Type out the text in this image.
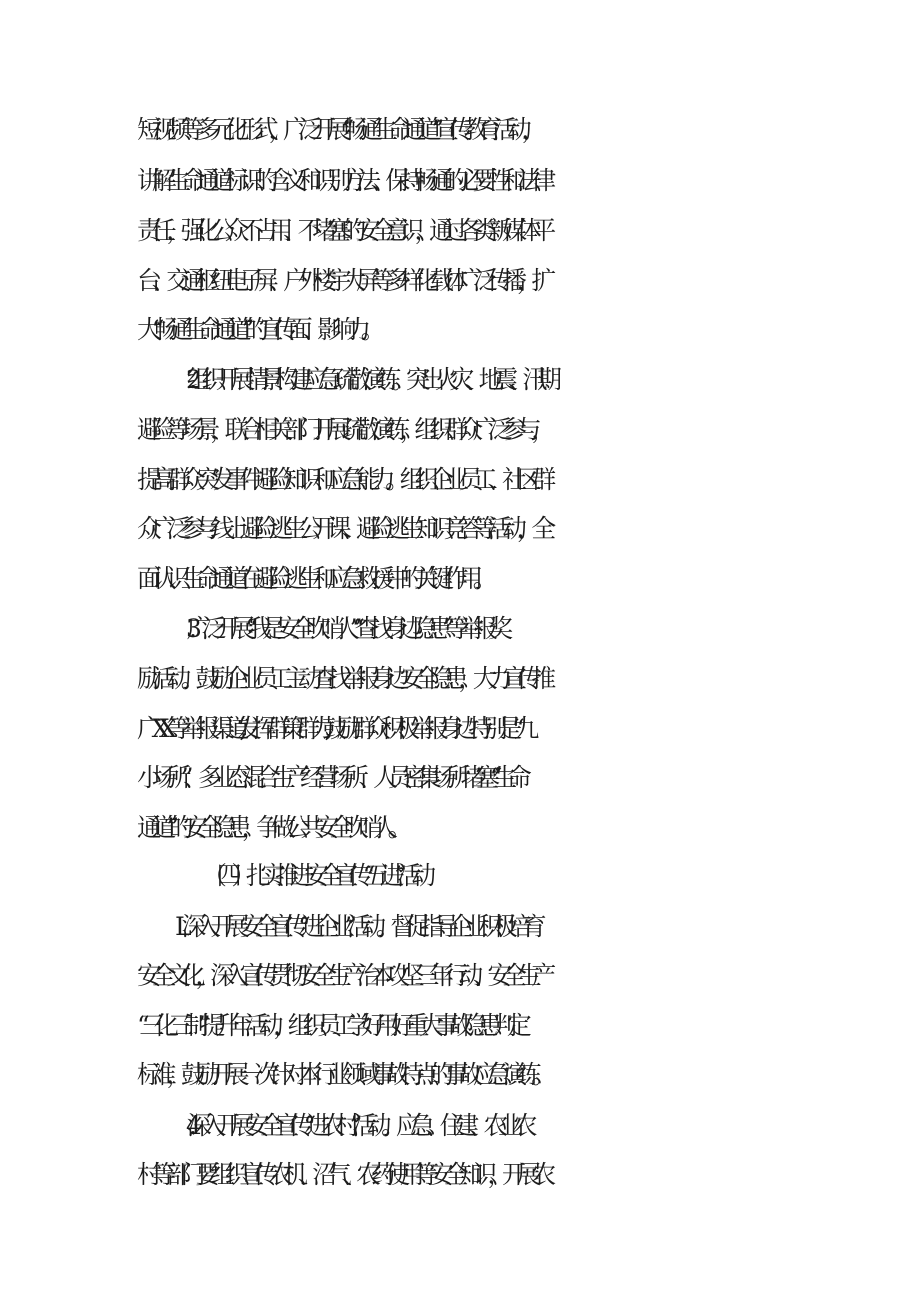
短视频等多元化形式，广泛开展“畅通生命通道”宣传教育活动，
讲解生命通道标识的含义和识别方法、保持畅通的必要性和法律
责任，强化公众不占用、不堵塞的安全意识，通过各类新媒体平
台、交通枢纽电子屏、户外楼宇大屏等多样化载体广泛传播，扩
大“畅通生命通道”的宣传面、影响力。
2 .组织开展情景构建应急疏散演练。突出火灾、地震、汛期
避险等场景，联合相关部门开展疏散演练，组织群众广泛参与，
提高群众突发事件避险知识和应急能力。组织企业员工、社区群
众广泛参与线上避险逃生公开课、避险逃生知识竞答等活动，全
面认识生命通道在避险逃生和应急救援中的关键作用。
3 .广泛开展“我是安全吹哨人”“查找身边隐患”等举报奖
励活动。鼓励企业员工主动查找举报身边安全隐患，大力宣传推
广XX等举报渠道,发挥群策群力,鼓励群众积极举报身边特别是“九
小场所”、多业态混合生产经营场所、人员密集场所堵塞“生命
通道”的安全隐患，争做公共安全吹哨人。
（四）扎实推进安全宣传“五进”活动
L深入开展安全宣传“进企业”活动。督促指导企业积极培育
安全文化，深入宣传贯彻安全生产治本攻坚三年行动、安全生产
“三化三制”提升年活动，组织员工学好用好重大事故隐患判定
标准，鼓励开展一次针对本行业领域事故特点的事故应急演练。
4 .深入开展安全宣传“进农村”活动。应急、住建、农业农
村等部门要组织宣传农机、沼气、农药使用等安全知识，开展农
